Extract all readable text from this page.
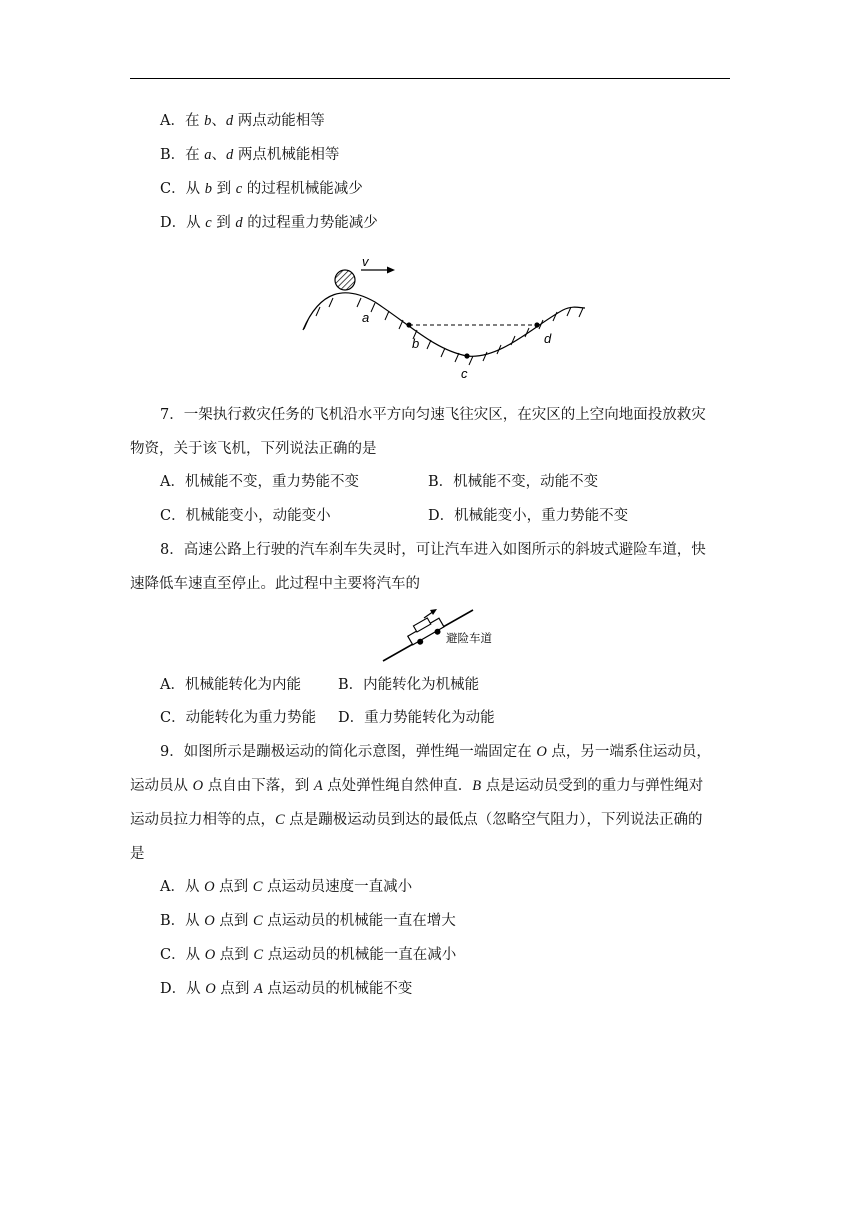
A．在 b、d 两点动能相等
B．在 a、d 两点机械能相等
C．从 b 到 c 的过程机械能减少
D．从 c 到 d 的过程重力势能减少
v
a
b
c
d
7．一架执行救灾任务的飞机沿水平方向匀速飞往灾区，在灾区的上空向地面投放救灾
物资，关于该飞机，下列说法正确的是
A．机械能不变，重力势能不变	B．机械能不变，动能不变
C．机械能变小，动能变小	D．机械能变小，重力势能不变
8．高速公路上行驶的汽车刹车失灵时，可让汽车进入如图所示的斜坡式避险车道，快
速降低车速直至停止。此过程中主要将汽车的
避险车道
A．机械能转化为内能	B．内能转化为机械能
C．动能转化为重力势能 D．重力势能转化为动能
9．如图所示是蹦极运动的简化示意图，弹性绳一端固定在 O 点，另一端系住运动员，
运动员从 O 点自由下落，到 A 点处弹性绳自然伸直．B 点是运动员受到的重力与弹性绳对
运动员拉力相等的点，C 点是蹦极运动员到达的最低点（忽略空气阻力），下列说法正确的
是
A．从 O 点到 C 点运动员速度一直减小
B．从 O 点到 C 点运动员的机械能一直在增大
C．从 O 点到 C 点运动员的机械能一直在减小
D．从 O 点到 A 点运动员的机械能不变
